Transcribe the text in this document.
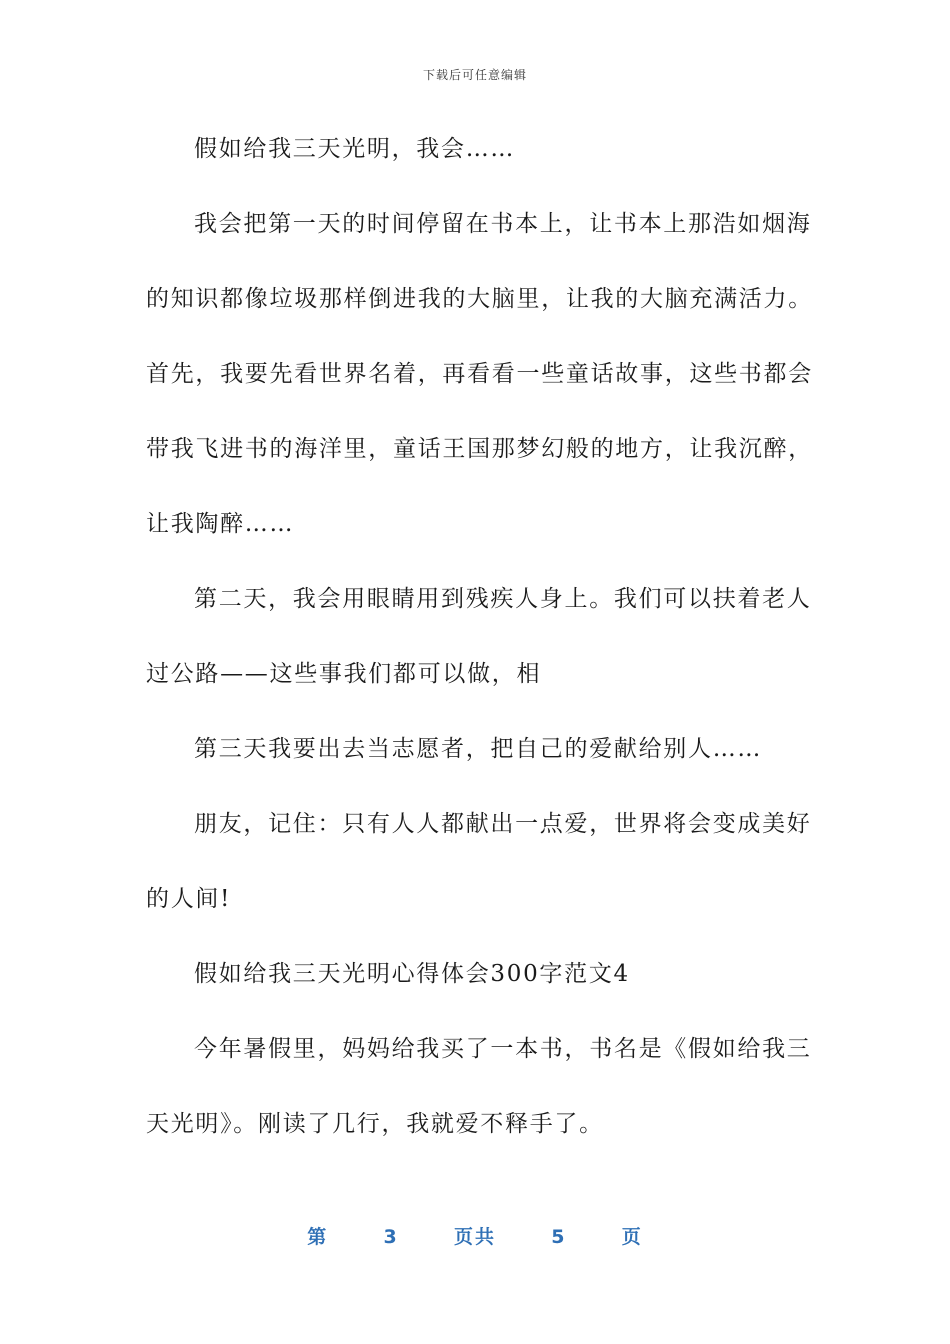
下载后可任意编辑
假如给我三天光明，我会……
我会把第一天的时间停留在书本上，让书本上那浩如烟海
的知识都像垃圾那样倒进我的大脑里，让我的大脑充满活力。
首先，我要先看世界名着，再看看一些童话故事，这些书都会
带我飞进书的海洋里，童话王国那梦幻般的地方，让我沉醉，
让我陶醉……
第二天，我会用眼睛用到残疾人身上。我们可以扶着老人
过公路——这些事我们都可以做，相
第三天我要出去当志愿者，把自己的爱献给别人……
朋友，记住：只有人人都献出一点爱，世界将会变成美好
的人间!
假如给我三天光明心得体会300字范文4
今年暑假里，妈妈给我买了一本书，书名是《假如给我三
天光明》。刚读了几行，我就爱不释手了。
第	3	页共	5	页
